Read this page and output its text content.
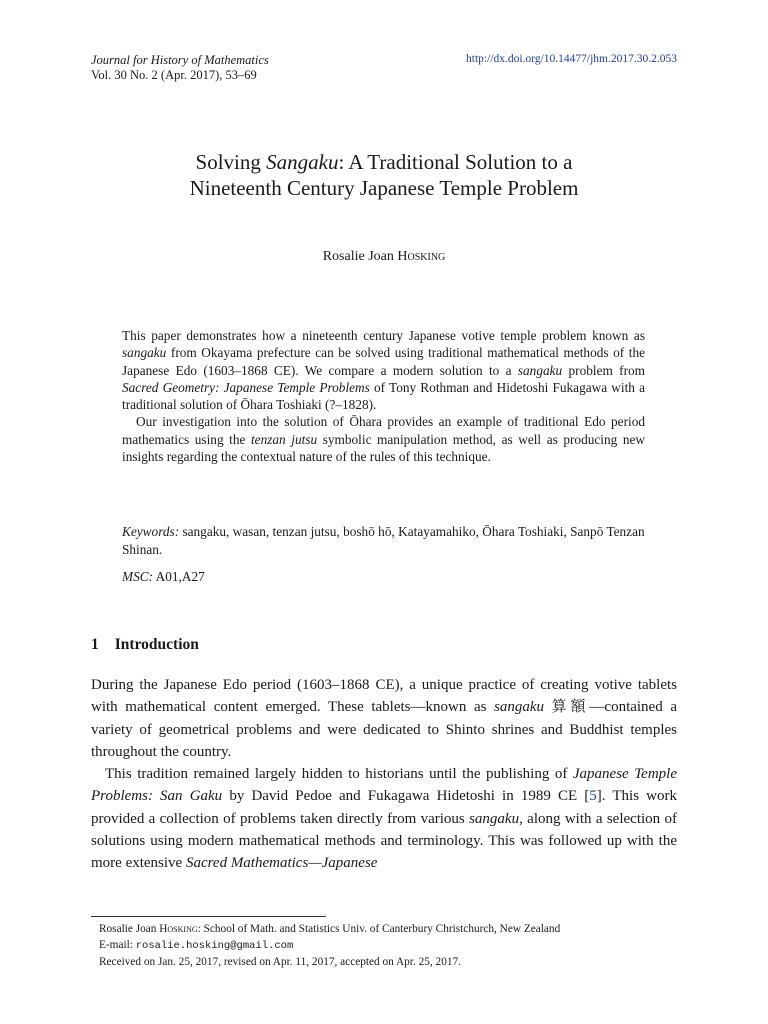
Journal for History of Mathematics
Vol. 30 No. 2 (Apr. 2017), 53–69
http://dx.doi.org/10.14477/jhm.2017.30.2.053
Solving Sangaku: A Traditional Solution to a
Nineteenth Century Japanese Temple Problem
Rosalie Joan Hosking

This paper demonstrates how a nineteenth century Japanese votive temple problem known as sangaku from Okayama prefecture can be solved using traditional mathematical methods of the Japanese Edo (1603–1868 CE). We compare a modern solution to a sangaku problem from Sacred Geometry: Japanese Temple Problems of Tony Rothman and Hidetoshi Fukagawa with a traditional solution of Ōhara Toshiaki (?–1828).

Our investigation into the solution of Ōhara provides an example of traditional Edo period mathematics using the tenzan jutsu symbolic manipulation method, as well as producing new insights regarding the contextual nature of the rules of this technique.

Keywords: sangaku, wasan, tenzan jutsu, boshō hō, Katayamahiko, Ōhara Toshiaki, Sanpō Tenzan Shinan.
MSC: A01,A27
1 Introduction

During the Japanese Edo period (1603–1868 CE), a unique practice of creating votive tablets with mathematical content emerged. These tablets—known as sangaku 算額—contained a variety of geometrical problems and were dedicated to Shinto shrines and Buddhist temples throughout the country.

This tradition remained largely hidden to historians until the publishing of Japanese Temple Problems: San Gaku by David Pedoe and Fukagawa Hidetoshi in 1989 CE [5]. This work provided a collection of problems taken directly from various sangaku, along with a selection of solutions using modern mathematical methods and terminology. This was followed up with the more extensive Sacred Mathematics—Japanese

Rosalie Joan Hosking: School of Math. and Statistics Univ. of Canterbury Christchurch, New Zealand
E-mail: rosalie.hosking@gmail.com
Received on Jan. 25, 2017, revised on Apr. 11, 2017, accepted on Apr. 25, 2017.
